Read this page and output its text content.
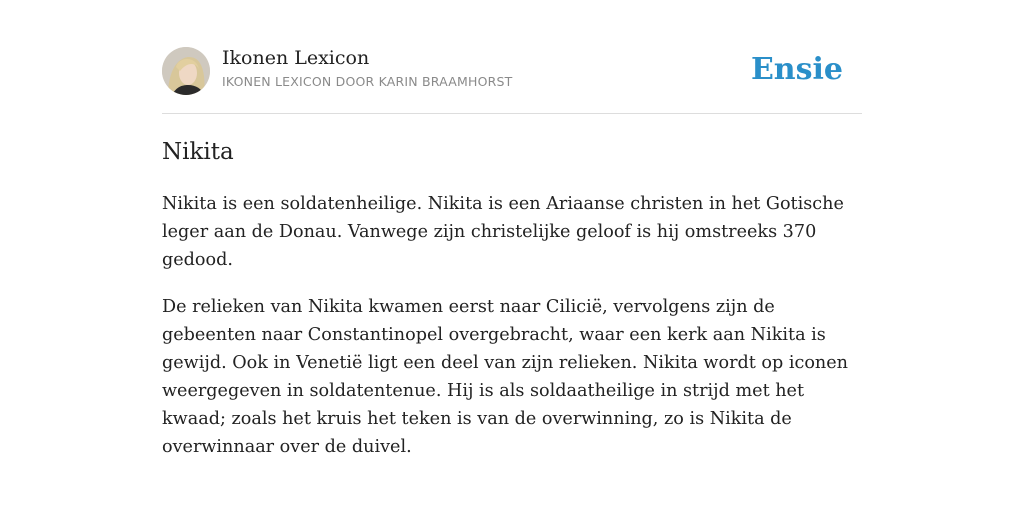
Ikonen Lexicon
IKONEN LEXICON DOOR KARIN BRAAMHORST	Ensie
Nikita

Nikita is een soldatenheilige. Nikita is een Ariaanse christen in het Gotische leger aan de Donau. Vanwege zijn christelijke geloof is hij omstreeks 370 gedood.

De relieken van Nikita kwamen eerst naar Cilicië, vervolgens zijn de gebeenten naar Constantinopel overgebracht, waar een kerk aan Nikita is gewijd. Ook in Venetië ligt een deel van zijn relieken. Nikita wordt op iconen weergegeven in soldatentenue. Hij is als soldaatheilige in strijd met het kwaad; zoals het kruis het teken is van de overwinning, zo is Nikita de overwinnaar over de duivel.
